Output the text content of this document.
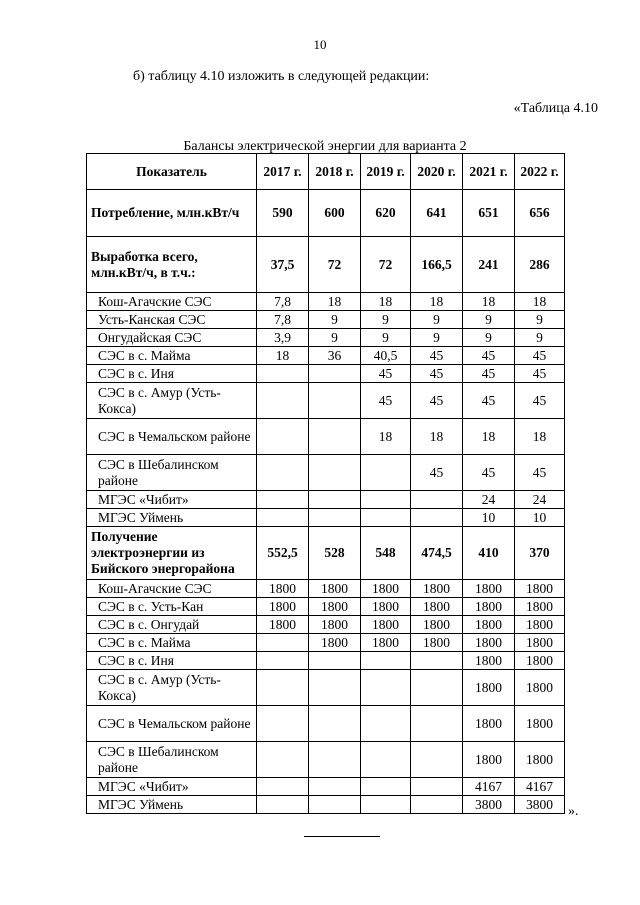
10
б) таблицу 4.10 изложить в следующей редакции:
«Таблица 4.10
Балансы электрической энергии для варианта 2
Показатель	2017 г.	2018 г.	2019 г.	2020 г.	2021 г.	2022 г.
Потребление, млн.кВт/ч	590	600	620	641	651	656
Выработка всего, млн.кВт/ч, в т.ч.:	37,5	72	72	166,5	241	286
Кош-Агачские СЭС	7,8	18	18	18	18	18
Усть-Канская СЭС	7,8	9	9	9	9	9
Онгудайская СЭС	3,9	9	9	9	9	9
СЭС в с. Майма	18	36	40,5	45	45	45
СЭС в с. Иня			45	45	45	45
СЭС в с. Амур (Усть-Кокса)			45	45	45	45
СЭС в Чемальском районе			18	18	18	18
СЭС в Шебалинском районе				45	45	45
МГЭС «Чибит»					24	24
МГЭС Уймень					10	10
Получение электроэнергии из Бийского энергорайона	552,5	528	548	474,5	410	370
Кош-Агачские СЭС	1800	1800	1800	1800	1800	1800
СЭС в с. Усть-Кан	1800	1800	1800	1800	1800	1800
СЭС в с. Онгудай	1800	1800	1800	1800	1800	1800
СЭС в с. Майма		1800	1800	1800	1800	1800
СЭС в с. Иня					1800	1800
СЭС в с. Амур (Усть-Кокса)					1800	1800
СЭС в Чемальском районе					1800	1800
СЭС в Шебалинском районе					1800	1800
МГЭС «Чибит»					4167	4167
МГЭС Уймень					3800	3800 ».
